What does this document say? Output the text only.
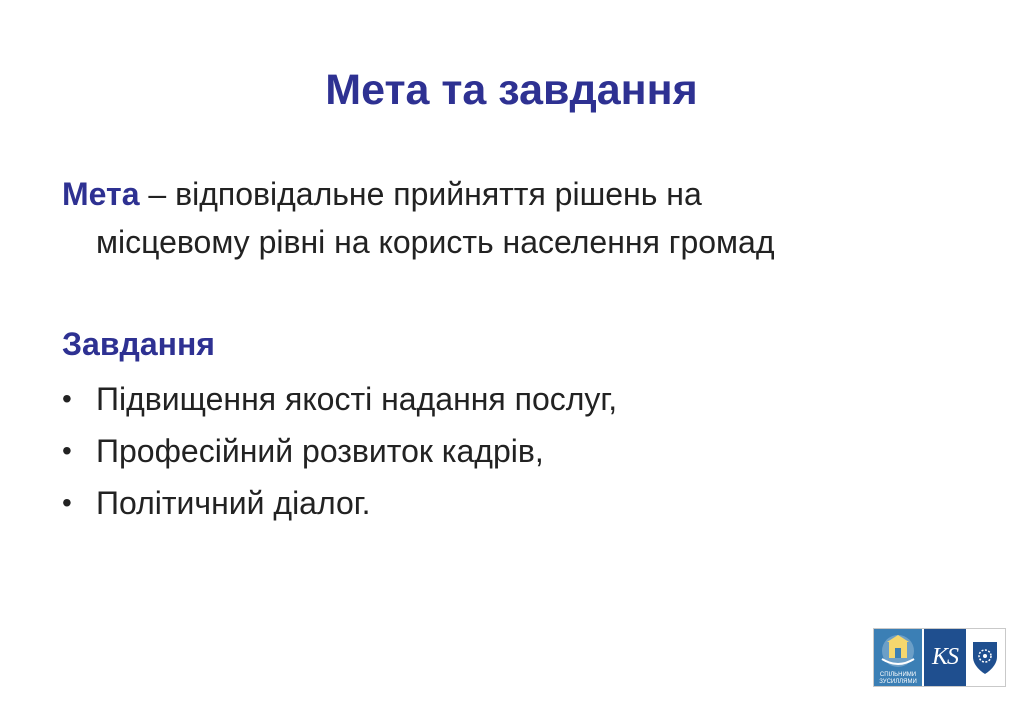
Мета та завдання
Мета – відповідальне прийняття рішень на
місцевому рівні на користь населення громад
Завдання
• Підвищення якості надання послуг,
• Професійний розвиток кадрів,
• Політичний діалог.
СПІЛЬНИМИ
ЗУСИЛЛЯМИ
KS
